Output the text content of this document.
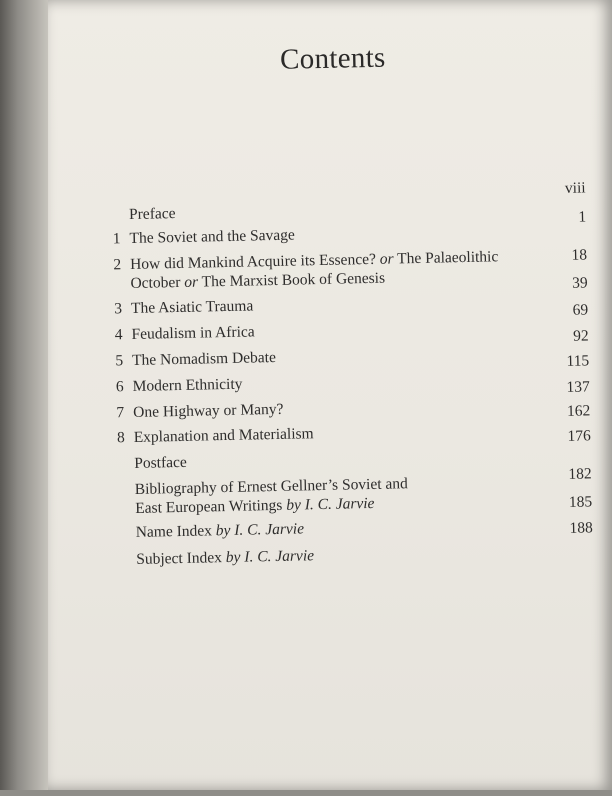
Contents
Preface
viii
1 The Soviet and the Savage
1
2 How did Mankind Acquire its Essence? or The Palaeolithic
October or The Marxist Book of Genesis
18
3 The Asiatic Trauma
39
4 Feudalism in Africa
69
5 The Nomadism Debate
92
6 Modern Ethnicity
115
7 One Highway or Many?
137
8 Explanation and Materialism
162
Postface
176
Bibliography of Ernest Gellner’s Soviet and
East European Writings by I. C. Jarvie
182
Name Index by I. C. Jarvie
185
Subject Index by I. C. Jarvie
188
